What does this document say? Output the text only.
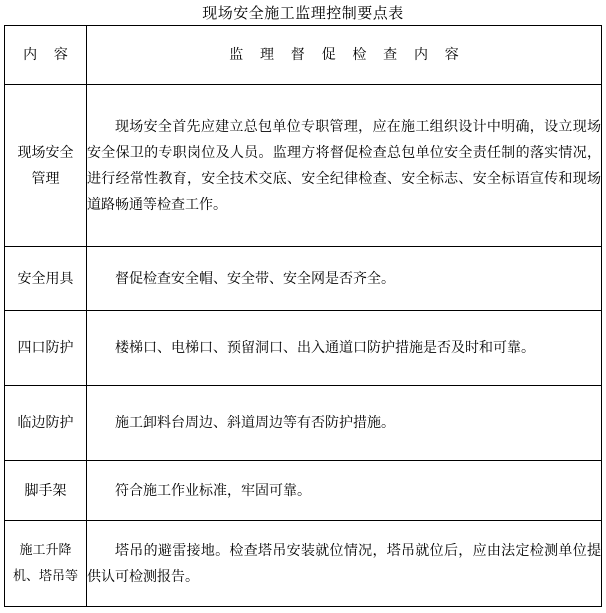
现场安全施工监理控制要点表
内容	监理督促检查内容

现场安全管理	现场安全首先应建立总包单位专职管理，应在施工组织设计中明确，设立现场安全保卫的专职岗位及人员。监理方将督促检查总包单位安全责任制的落实情况，进行经常性教育，安全技术交底、安全纪律检查、安全标志、安全标语宣传和现场道路畅通等检查工作。

安全用具	督促检查安全帽、安全带、安全网是否齐全。

四口防护	楼梯口、电梯口、预留洞口、出入通道口防护措施是否及时和可靠。

临边防护	施工卸料台周边、斜道周边等有否防护措施。

脚手架	符合施工作业标准，牢固可靠。

施工升降机、塔吊等	塔吊的避雷接地。检查塔吊安装就位情况，塔吊就位后，应由法定检测单位提供认可检测报告。
